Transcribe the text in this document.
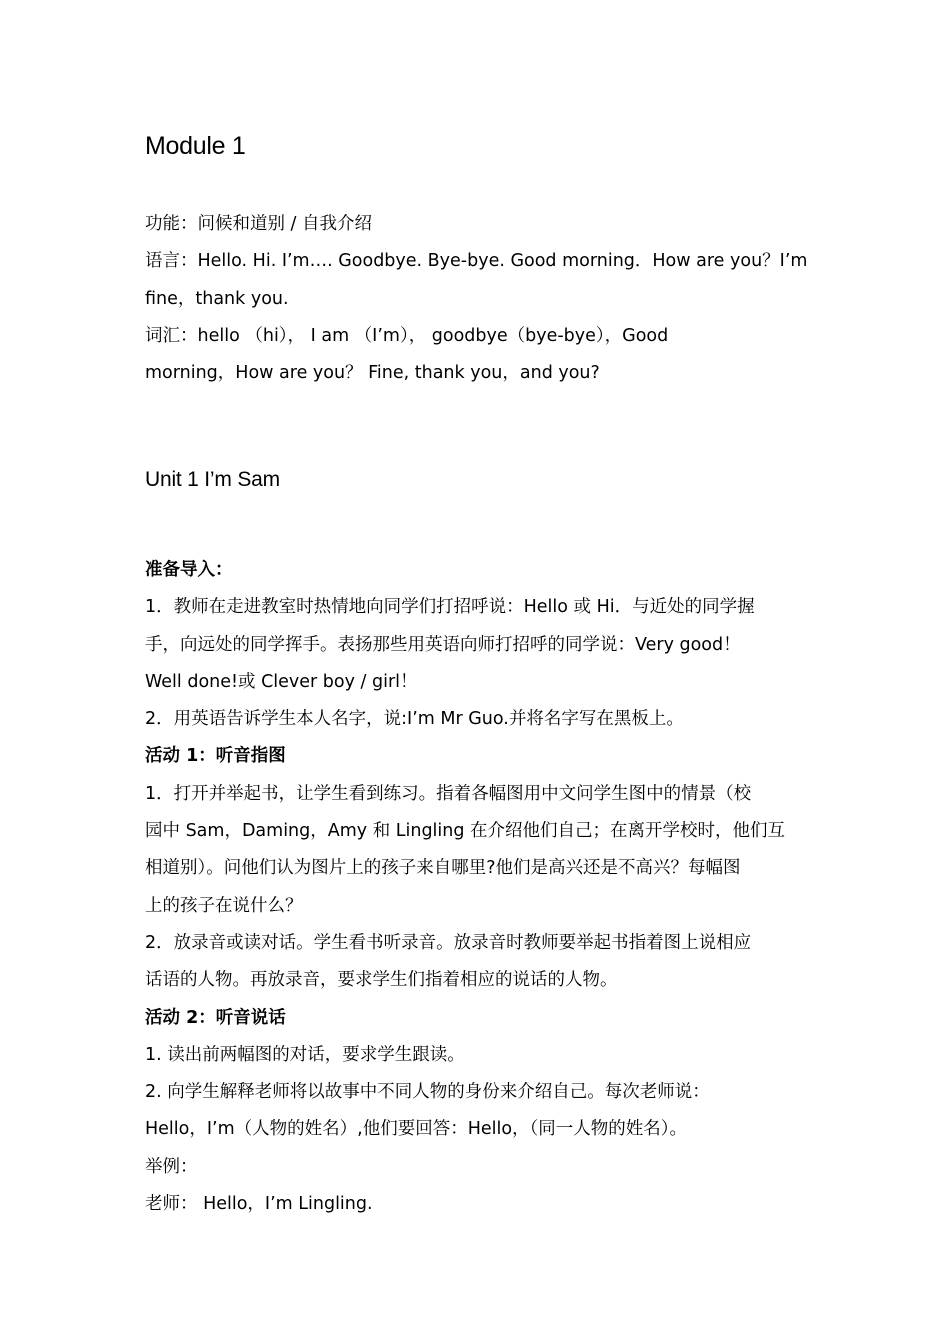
Module 1
功能：问候和道别 / 自我介绍
语言：Hello. Hi. I’m…. Goodbye. Bye-bye. Good morning．How are you？I’m
fine，thank you.
词汇：hello （hi）， I am （I’m）， goodbye（bye-bye），Good
morning，How are you？ Fine, thank you，and you?
Unit 1 I’m Sam
准备导入：
1．教师在走进教室时热情地向同学们打招呼说：Hello 或 Hi．与近处的同学握
手，向远处的同学挥手。表扬那些用英语向师打招呼的同学说：Very good！
Well done!或 Clever boy / girl！
2．用英语告诉学生本人名字，说:I’m Mr Guo.并将名字写在黑板上。
活动 1：听音指图
1．打开并举起书，让学生看到练习。指着各幅图用中文问学生图中的情景（校
园中 Sam，Daming，Amy 和 Lingling 在介绍他们自己；在离开学校时，他们互
相道别）。问他们认为图片上的孩子来自哪里?他们是高兴还是不高兴？每幅图
上的孩子在说什么？
2．放录音或读对话。学生看书听录音。放录音时教师要举起书指着图上说相应
话语的人物。再放录音，要求学生们指着相应的说话的人物。
活动 2：听音说话
1. 读出前两幅图的对话，要求学生跟读。
2. 向学生解释老师将以故事中不同人物的身份来介绍自己。每次老师说：
Hello，I’m（人物的姓名）,他们要回答：Hello，（同一人物的姓名）。
举例：
老师： Hello，I’m Lingling.
